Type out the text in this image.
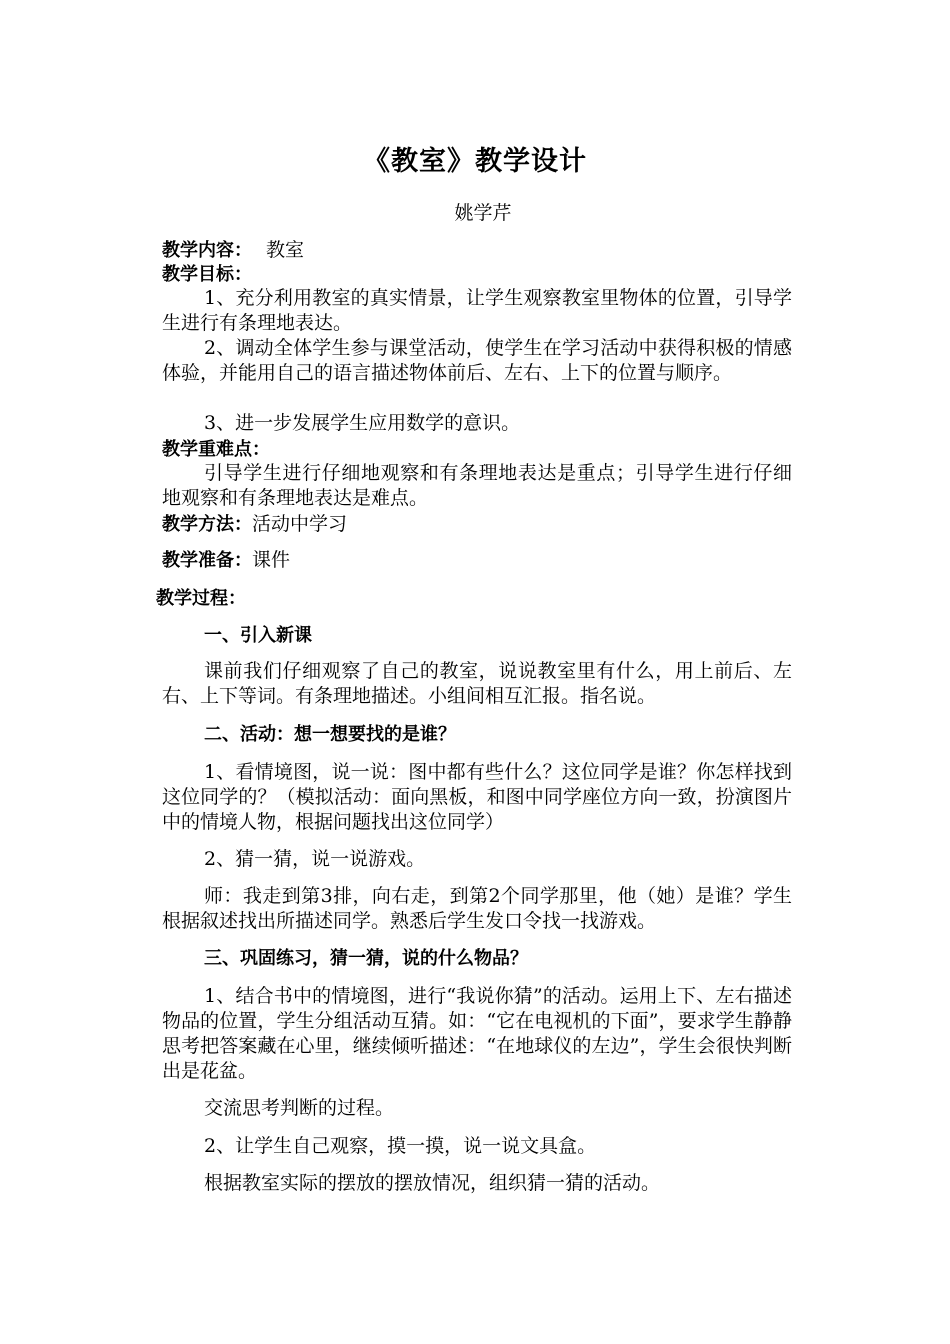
《教室》教学设计
姚学芹
教学内容： 教室
教学目标：
1、充分利用教室的真实情景，让学生观察教室里物体的位置，引导学生进行有条理地表达。
2、调动全体学生参与课堂活动，使学生在学习活动中获得积极的情感体验，并能用自己的语言描述物体前后、左右、上下的位置与顺序。
3、进一步发展学生应用数学的意识。
教学重难点：
引导学生进行仔细地观察和有条理地表达是重点；引导学生进行仔细地观察和有条理地表达是难点。
教学方法：活动中学习
教学准备：课件
教学过程：
一、引入新课
课前我们仔细观察了自己的教室，说说教室里有什么，用上前后、左右、上下等词。有条理地描述。小组间相互汇报。指名说。
二、活动：想一想要找的是谁？
1、看情境图，说一说：图中都有些什么？这位同学是谁？你怎样找到这位同学的？（模拟活动：面向黑板，和图中同学座位方向一致，扮演图片中的情境人物，根据问题找出这位同学）
2、猜一猜，说一说游戏。
师：我走到第3排，向右走，到第2个同学那里，他（她）是谁？学生根据叙述找出所描述同学。熟悉后学生发口令找一找游戏。
三、巩固练习，猜一猜，说的什么物品？
1、结合书中的情境图，进行“我说你猜”的活动。运用上下、左右描述物品的位置，学生分组活动互猜。如：“它在电视机的下面”，要求学生静静思考把答案藏在心里，继续倾听描述：“在地球仪的左边”，学生会很快判断出是花盆。
交流思考判断的过程。
2、让学生自己观察，摸一摸，说一说文具盒。
根据教室实际的摆放的摆放情况，组织猜一猜的活动。
